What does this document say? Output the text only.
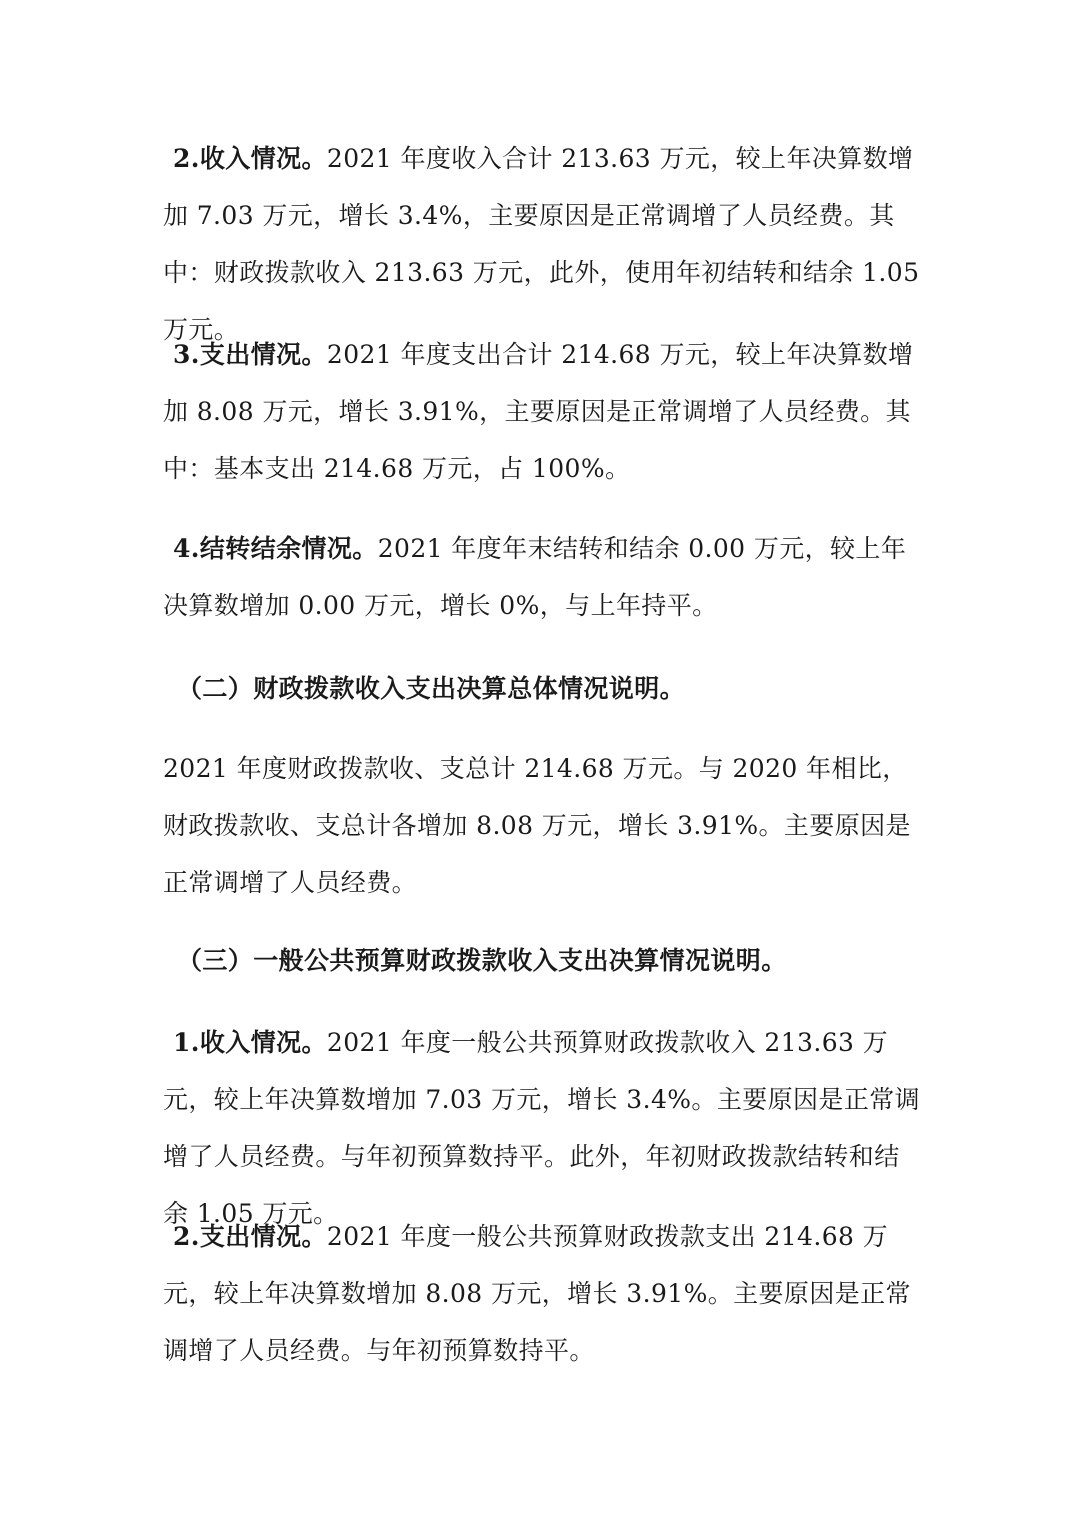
2.收入情况。2021 年度收入合计 213.63 万元，较上年决算数增加 7.03 万元，增长 3.4%，主要原因是正常调增了人员经费。其中：财政拨款收入 213.63 万元，此外，使用年初结转和结余 1.05 万元。

3.支出情况。2021 年度支出合计 214.68 万元，较上年决算数增加 8.08 万元，增长 3.91%，主要原因是正常调增了人员经费。其中：基本支出 214.68 万元，占 100%。

4.结转结余情况。2021 年度年末结转和结余 0.00 万元，较上年决算数增加 0.00 万元，增长 0%，与上年持平。

（二）财政拨款收入支出决算总体情况说明。

2021 年度财政拨款收、支总计 214.68 万元。与 2020 年相比，财政拨款收、支总计各增加 8.08 万元，增长 3.91%。主要原因是正常调增了人员经费。

（三）一般公共预算财政拨款收入支出决算情况说明。

1.收入情况。2021 年度一般公共预算财政拨款收入 213.63 万元，较上年决算数增加 7.03 万元，增长 3.4%。主要原因是正常调增了人员经费。与年初预算数持平。此外，年初财政拨款结转和结余 1.05 万元。

2.支出情况。2021 年度一般公共预算财政拨款支出 214.68 万元，较上年决算数增加 8.08 万元，增长 3.91%。主要原因是正常调增了人员经费。与年初预算数持平。
